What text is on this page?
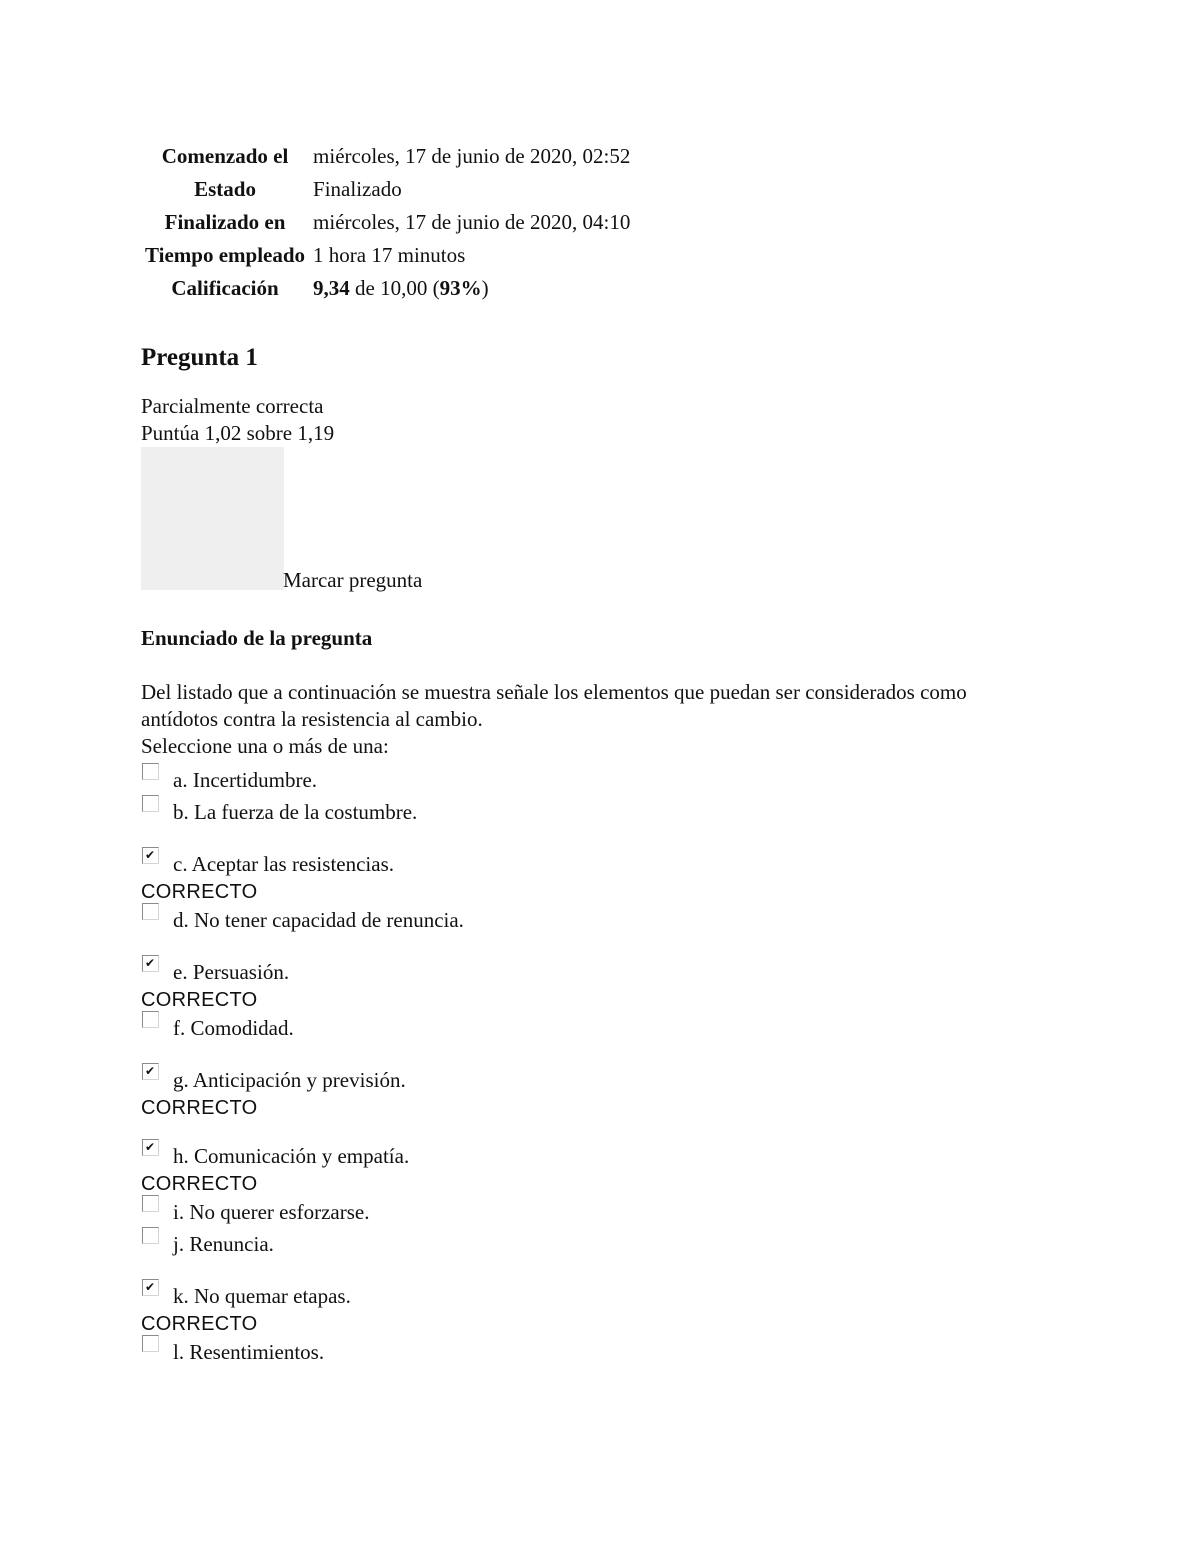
Comenzado el	miércoles, 17 de junio de 2020, 02:52
Estado	Finalizado
Finalizado en	miércoles, 17 de junio de 2020, 04:10
Tiempo empleado	1 hora 17 minutos
Calificación	9,34 de 10,00 (93%)
Pregunta 1
Parcialmente correcta
Puntúa 1,02 sobre 1,19
Marcar pregunta
Enunciado de la pregunta
Del listado que a continuación se muestra señale los elementos que puedan ser considerados como antídotos contra la resistencia al cambio.
Seleccione una o más de una:
a. Incertidumbre.
b. La fuerza de la costumbre.
✔
c. Aceptar las resistencias.
CORRECTO
d. No tener capacidad de renuncia.
✔
e. Persuasión.
CORRECTO
f. Comodidad.
✔
g. Anticipación y previsión.
CORRECTO
✔
h. Comunicación y empatía.
CORRECTO
i. No querer esforzarse.
j. Renuncia.
✔
k. No quemar etapas.
CORRECTO
l. Resentimientos.
